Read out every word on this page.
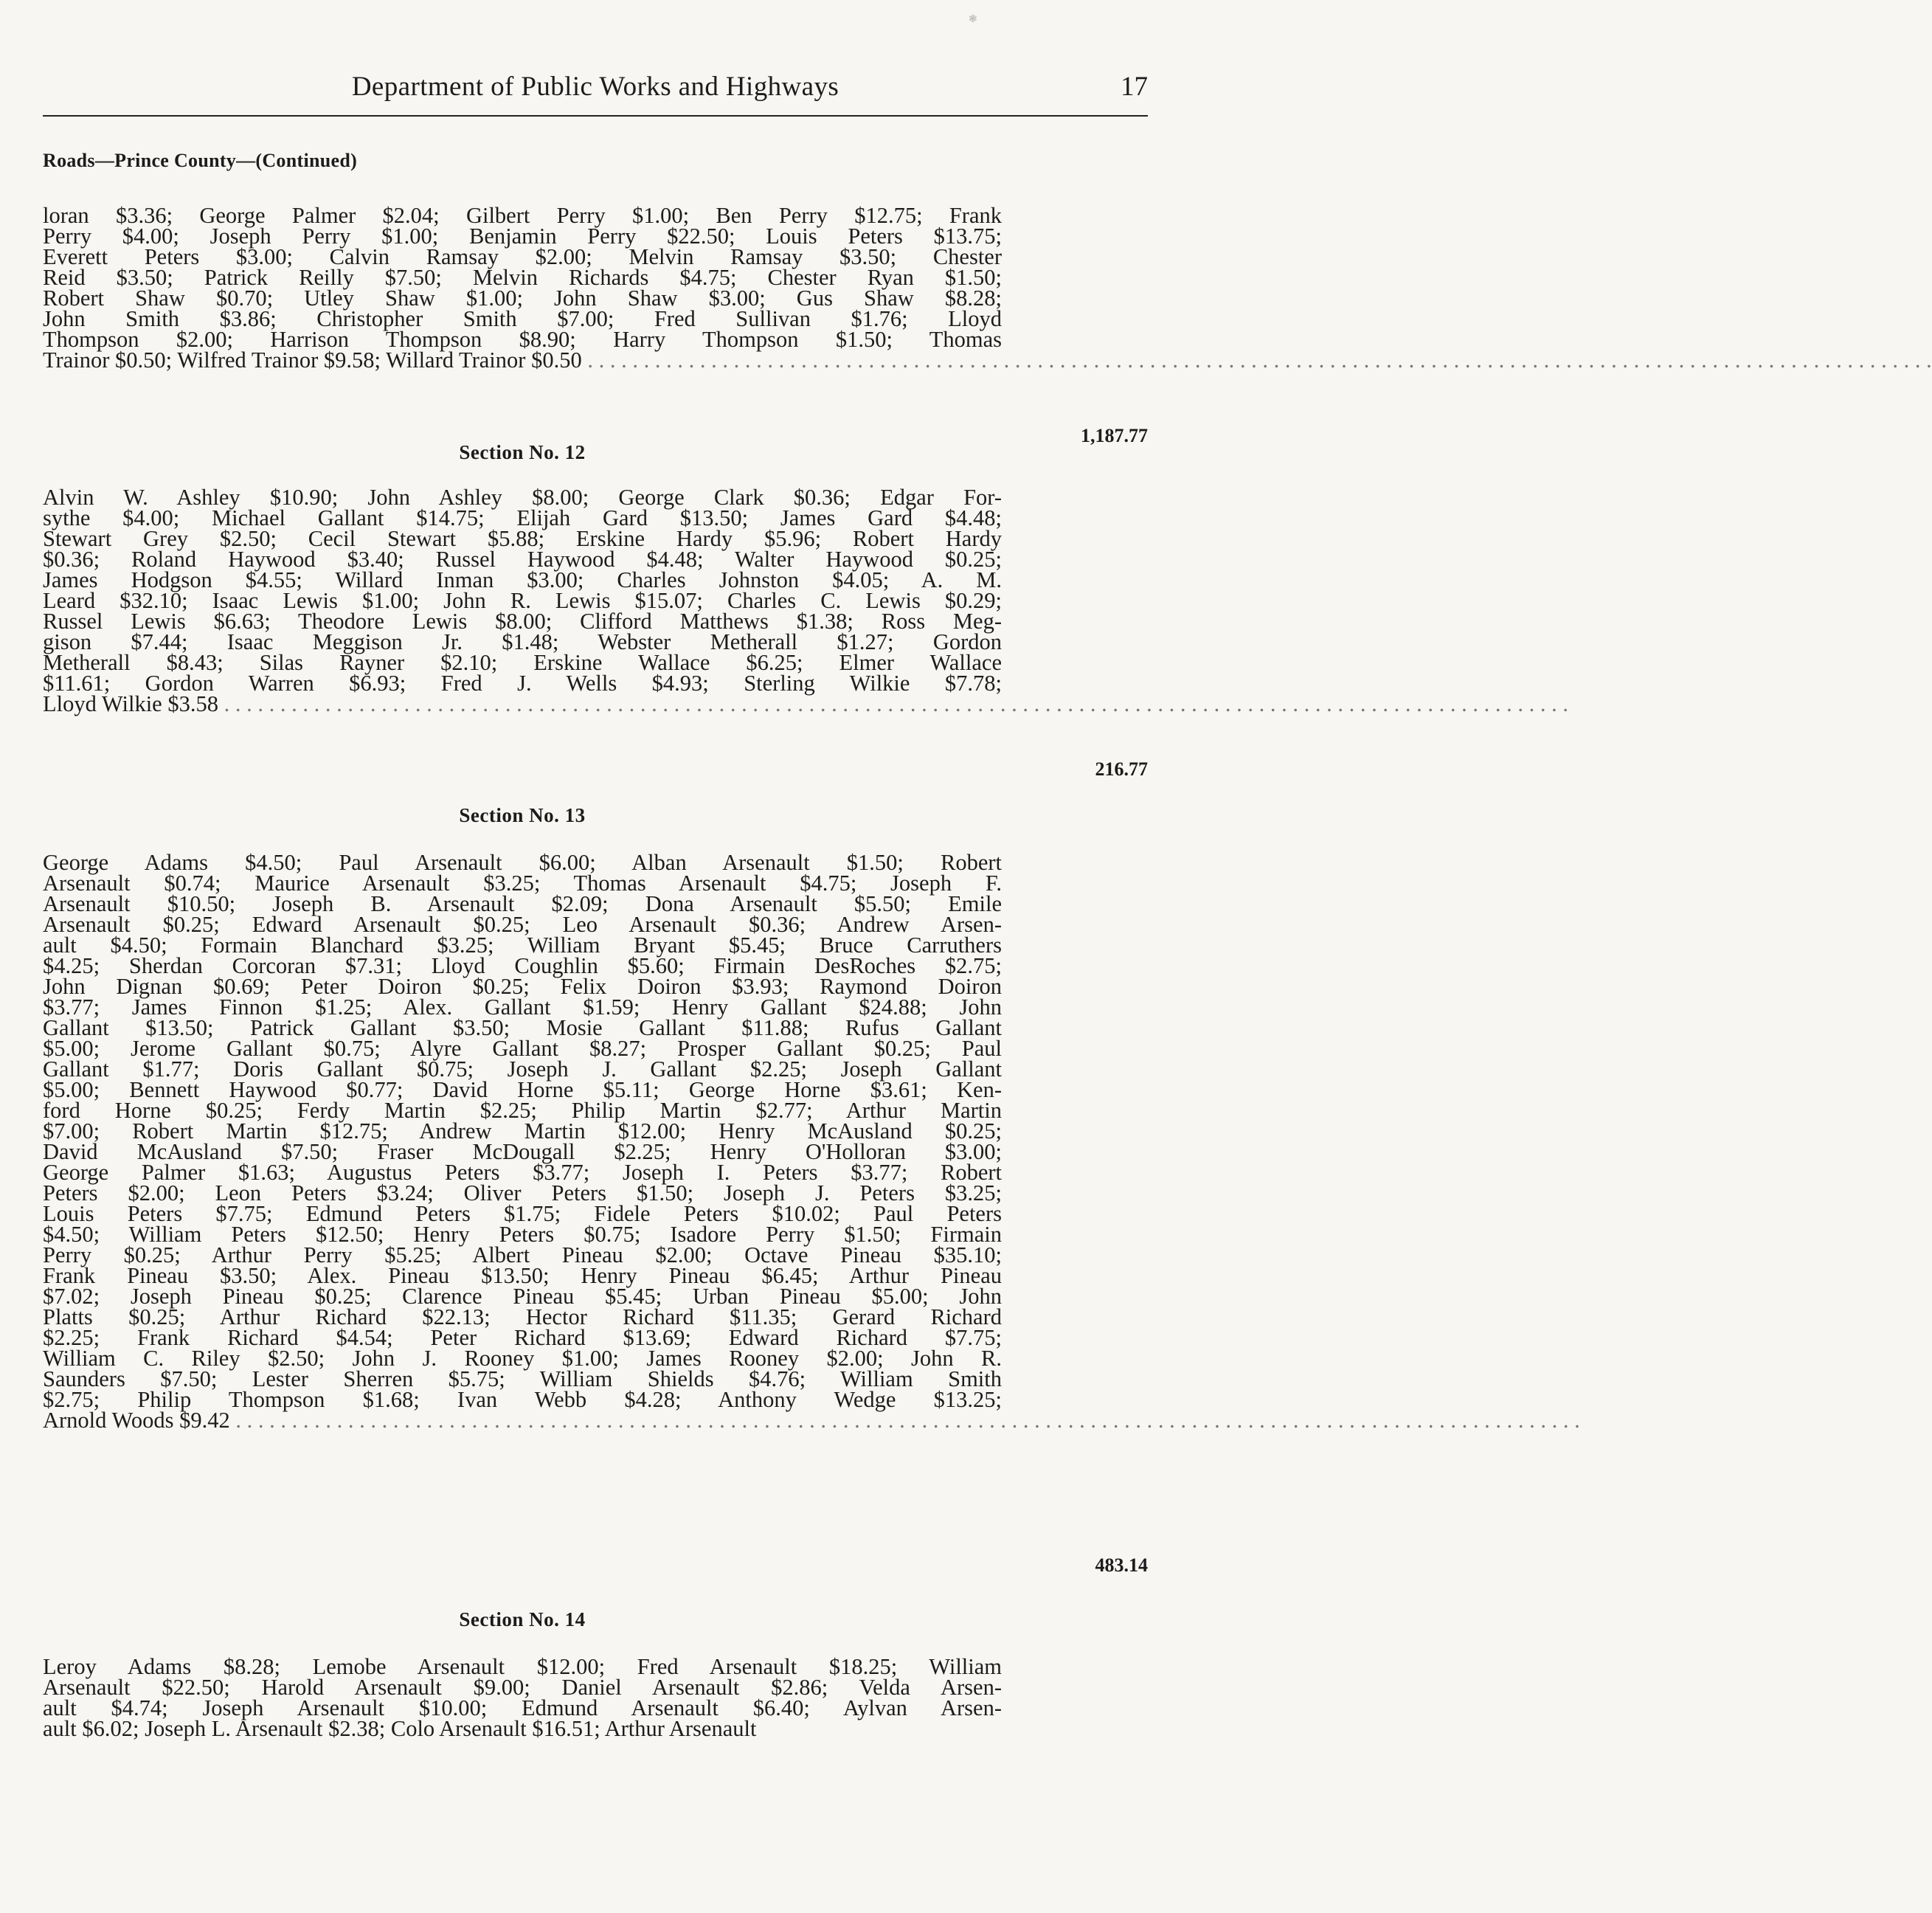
❃
Department of Public Works and Highways	17
Roads—Prince County—(Continued)
loran $3.36; George Palmer $2.04; Gilbert Perry $1.00; Ben Perry $12.75; Frank
Perry $4.00; Joseph Perry $1.00; Benjamin Perry $22.50; Louis Peters $13.75;
Everett Peters $3.00; Calvin Ramsay $2.00; Melvin Ramsay $3.50; Chester
Reid $3.50; Patrick Reilly $7.50; Melvin Richards $4.75; Chester Ryan $1.50;
Robert Shaw $0.70; Utley Shaw $1.00; John Shaw $3.00; Gus Shaw $8.28;
John Smith $3.86; Christopher Smith $7.00; Fred Sullivan $1.76; Lloyd
Thompson $2.00; Harrison Thompson $8.90; Harry Thompson $1.50; Thomas
Trainor $0.50; Wilfred Trainor $9.58; Willard Trainor $0.50 . . . . . . . . . . . . . . . . . . . . . . . . . . . . . . . . . . . . . . . . . . . . . . . . . . . . . . . . . . . . . . . . . . . . . . . . . . . . . . . . . . . . . . . . . . . . . . . . . . . . . . . . . . . . . . . . . . . . . . . .
1,187.77
Section No. 12
Alvin W. Ashley $10.90; John Ashley $8.00; George Clark $0.36; Edgar For-
sythe $4.00; Michael Gallant $14.75; Elijah Gard $13.50; James Gard $4.48;
Stewart Grey $2.50; Cecil Stewart $5.88; Erskine Hardy $5.96; Robert Hardy
$0.36; Roland Haywood $3.40; Russel Haywood $4.48; Walter Haywood $0.25;
James Hodgson $4.55; Willard Inman $3.00; Charles Johnston $4.05; A. M.
Leard $32.10; Isaac Lewis $1.00; John R. Lewis $15.07; Charles C. Lewis $0.29;
Russel Lewis $6.63; Theodore Lewis $8.00; Clifford Matthews $1.38; Ross Meg-
gison $7.44; Isaac Meggison Jr. $1.48; Webster Metherall $1.27; Gordon
Metherall $8.43; Silas Rayner $2.10; Erskine Wallace $6.25; Elmer Wallace
$11.61; Gordon Warren $6.93; Fred J. Wells $4.93; Sterling Wilkie $7.78;
Lloyd Wilkie $3.58 . . . . . . . . . . . . . . . . . . . . . . . . . . . . . . . . . . . . . . . . . . . . . . . . . . . . . . . . . . . . . . . . . . . . . . . . . . . . . . . . . . . . . . . . . . . . . . . . . . . . . . . . . . . . . . . . . . . . . . . .
216.77
Section No. 13
George Adams $4.50; Paul Arsenault $6.00; Alban Arsenault $1.50; Robert
Arsenault $0.74; Maurice Arsenault $3.25; Thomas Arsenault $4.75; Joseph F.
Arsenault $10.50; Joseph B. Arsenault $2.09; Dona Arsenault $5.50; Emile
Arsenault $0.25; Edward Arsenault $0.25; Leo Arsenault $0.36; Andrew Arsen-
ault $4.50; Formain Blanchard $3.25; William Bryant $5.45; Bruce Carruthers
$4.25; Sherdan Corcoran $7.31; Lloyd Coughlin $5.60; Firmain DesRoches $2.75;
John Dignan $0.69; Peter Doiron $0.25; Felix Doiron $3.93; Raymond Doiron
$3.77; James Finnon $1.25; Alex. Gallant $1.59; Henry Gallant $24.88; John
Gallant $13.50; Patrick Gallant $3.50; Mosie Gallant $11.88; Rufus Gallant
$5.00; Jerome Gallant $0.75; Alyre Gallant $8.27; Prosper Gallant $0.25; Paul
Gallant $1.77; Doris Gallant $0.75; Joseph J. Gallant $2.25; Joseph Gallant
$5.00; Bennett Haywood $0.77; David Horne $5.11; George Horne $3.61; Ken-
ford Horne $0.25; Ferdy Martin $2.25; Philip Martin $2.77; Arthur Martin
$7.00; Robert Martin $12.75; Andrew Martin $12.00; Henry McAusland $0.25;
David McAusland $7.50; Fraser McDougall $2.25; Henry O'Holloran $3.00;
George Palmer $1.63; Augustus Peters $3.77; Joseph I. Peters $3.77; Robert
Peters $2.00; Leon Peters $3.24; Oliver Peters $1.50; Joseph J. Peters $3.25;
Louis Peters $7.75; Edmund Peters $1.75; Fidele Peters $10.02; Paul Peters
$4.50; William Peters $12.50; Henry Peters $0.75; Isadore Perry $1.50; Firmain
Perry $0.25; Arthur Perry $5.25; Albert Pineau $2.00; Octave Pineau $35.10;
Frank Pineau $3.50; Alex. Pineau $13.50; Henry Pineau $6.45; Arthur Pineau
$7.02; Joseph Pineau $0.25; Clarence Pineau $5.45; Urban Pineau $5.00; John
Platts $0.25; Arthur Richard $22.13; Hector Richard $11.35; Gerard Richard
$2.25; Frank Richard $4.54; Peter Richard $13.69; Edward Richard $7.75;
William C. Riley $2.50; John J. Rooney $1.00; James Rooney $2.00; John R.
Saunders $7.50; Lester Sherren $5.75; William Shields $4.76; William Smith
$2.75; Philip Thompson $1.68; Ivan Webb $4.28; Anthony Wedge $13.25;
Arnold Woods $9.42 . . . . . . . . . . . . . . . . . . . . . . . . . . . . . . . . . . . . . . . . . . . . . . . . . . . . . . . . . . . . . . . . . . . . . . . . . . . . . . . . . . . . . . . . . . . . . . . . . . . . . . . . . . . . . . . . . . . . . . . .
483.14
Section No. 14
Leroy Adams $8.28; Lemobe Arsenault $12.00; Fred Arsenault $18.25; William
Arsenault $22.50; Harold Arsenault $9.00; Daniel Arsenault $2.86; Velda Arsen-
ault $4.74; Joseph Arsenault $10.00; Edmund Arsenault $6.40; Aylvan Arsen-
ault $6.02; Joseph L. Arsenault $2.38; Colo Arsenault $16.51; Arthur Arsenault
